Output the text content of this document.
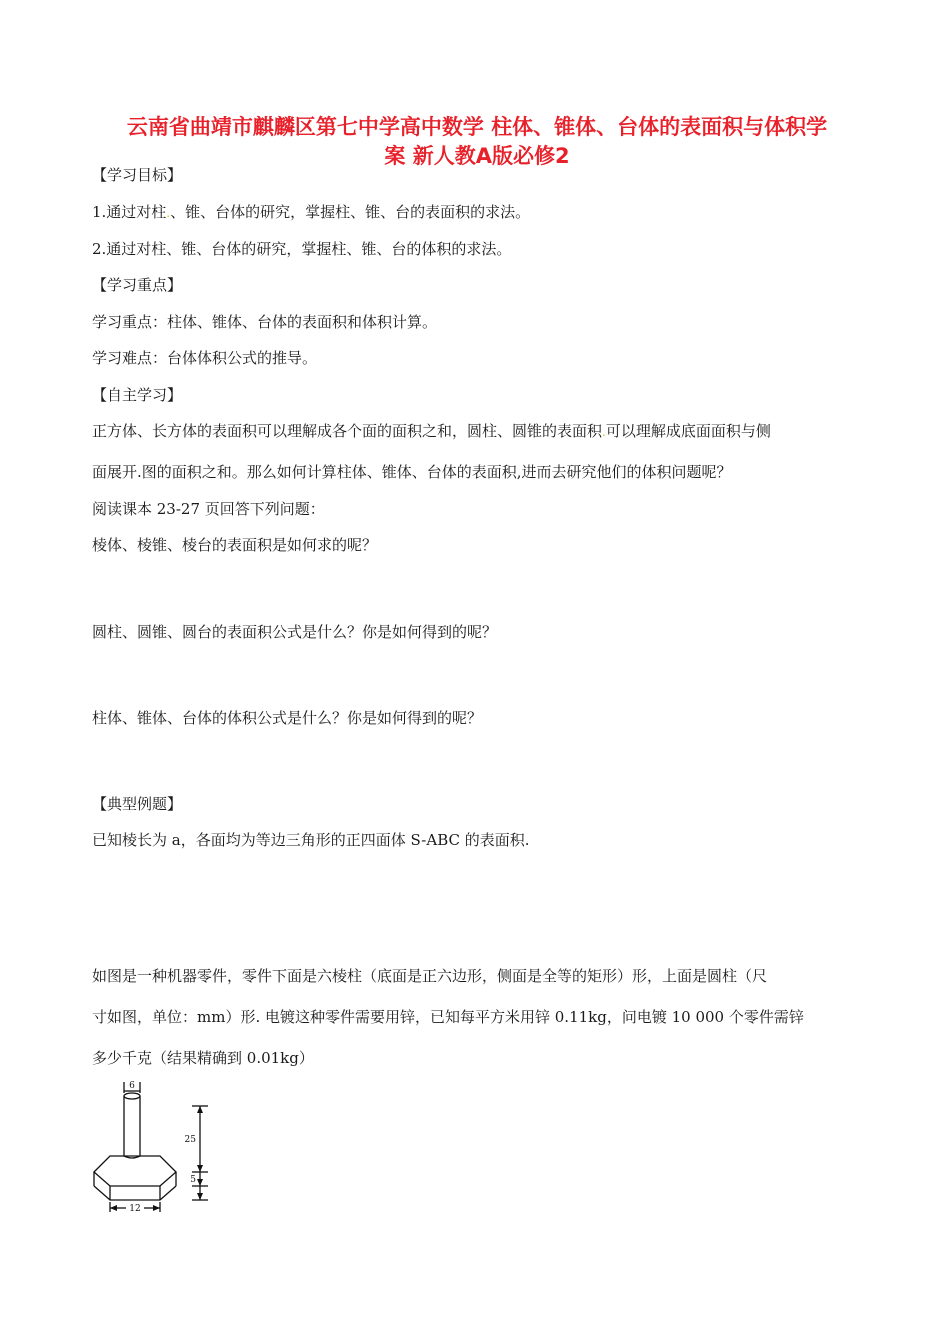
云南省曲靖市麒麟区第七中学高中数学 柱体、锥体、台体的表面积与体积学
案 新人教A版必修2
【学习目标】
1.通过对柱.、锥、台体的研究，掌握柱、锥、台的表面积的求法。
2.通过对柱、锥、台体的研究，掌握柱、锥、台的体积的求法。
【学习重点】
学习重点：柱体、锥体、台体的表面积和体积计算。
学习难点：台体体积公式的推导。
【自主学习】
正方体、长方体的表面积可以理解成各个面的面积之和，圆柱、圆锥的表面积.可以理解成底面面积与侧
面展开.图的面积之和。那么如何计算柱体、锥体、台体的表面积,进而去研究他们的体积问题呢？
阅读课本 23-27 页回答下列问题：
棱体、棱锥、棱台的表面积是如何求的呢？
圆柱、圆锥、圆台的表面积公式是什么？你是如何得到的呢？
柱体、锥体、台体的体积公式是什么？你是如何得到的呢？
【典型例题】
已知棱长为 a，各面均为等边三角形的正四面体 S-ABC 的表面积.
如图是一种机器零件，零件下面是六棱柱（底面是正六边形，侧面是全等的矩形）形，上面是圆柱（尺
寸如图，单位：mm）形. 电镀这种零件需要用锌，已知每平方米用锌 0.11kg，问电镀 10 000 个零件需锌
多少千克（结果精确到 0.01kg）
6
25
5
12
